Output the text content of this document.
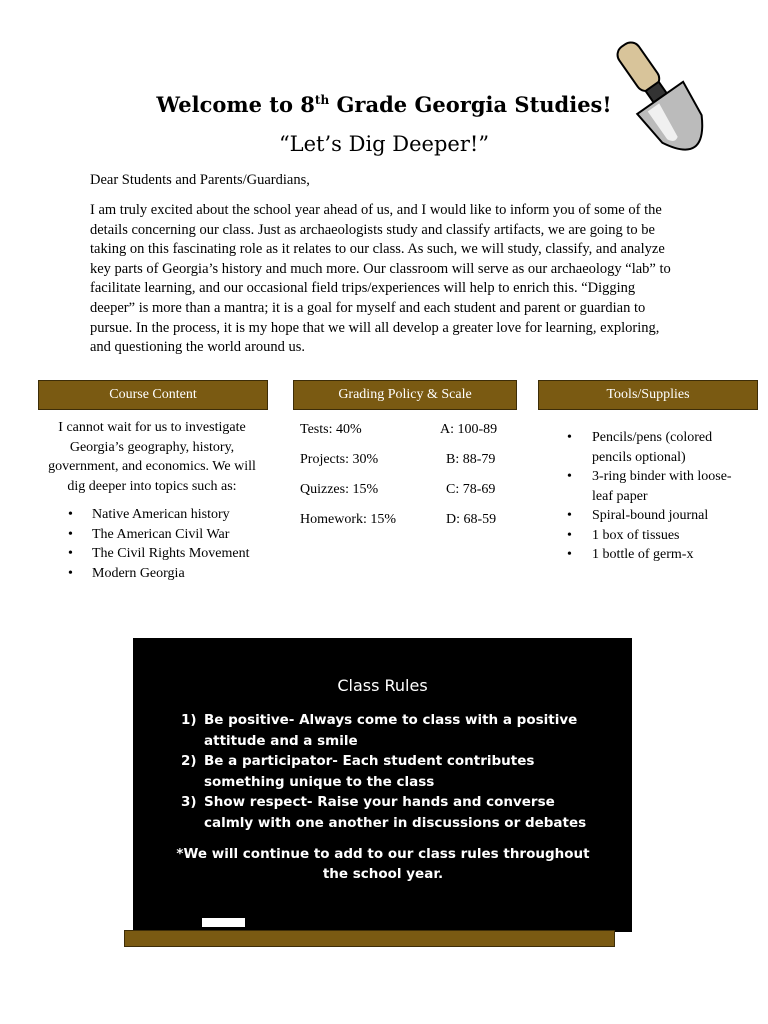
Welcome to 8th Grade Georgia Studies!
“Let’s Dig Deeper!”
Dear Students and Parents/Guardians,
I am truly excited about the school year ahead of us, and I would like to inform you of some of the details concerning our class. Just as archaeologists study and classify artifacts, we are going to be taking on this fascinating role as it relates to our class. As such, we will study, classify, and analyze key parts of Georgia’s history and much more. Our classroom will serve as our archaeology “lab” to facilitate learning, and our occasional field trips/experiences will help to enrich this. “Digging deeper” is more than a mantra; it is a goal for myself and each student and parent or guardian to pursue. In the process, it is my hope that we will all develop a greater love for learning, exploring, and questioning the world around us.
Course Content	Grading Policy & Scale	Tools/Supplies
I cannot wait for us to investigate Georgia’s geography, history, government, and economics. We will dig deeper into topics such as:
• Native American history
• The American Civil War
• The Civil Rights Movement
• Modern Georgia
Tests: 40%	A: 100-89
Projects: 30%	B: 88-79
Quizzes: 15%	C: 78-69
Homework: 15%	D: 68-59
• Pencils/pens (colored pencils optional)
• 3-ring binder with loose-leaf paper
• Spiral-bound journal
• 1 box of tissues
• 1 bottle of germ-x
Class Rules
1) Be positive- Always come to class with a positive attitude and a smile
2) Be a participator- Each student contributes something unique to the class
3) Show respect- Raise your hands and converse calmly with one another in discussions or debates
*We will continue to add to our class rules throughout the school year.
